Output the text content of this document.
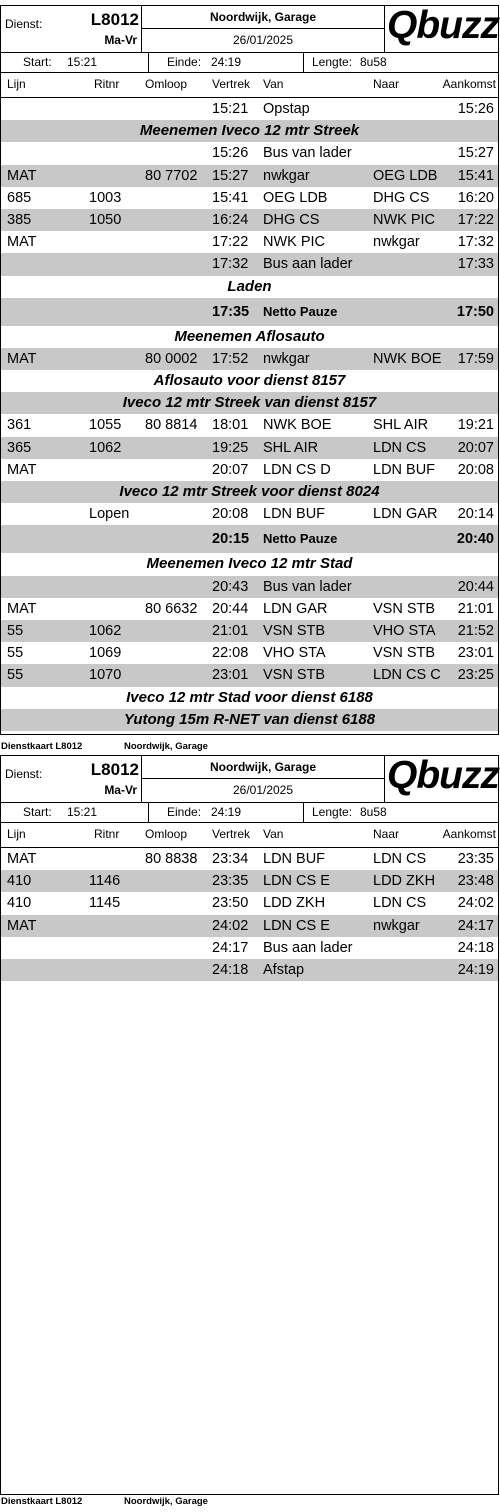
Dienst:	L8012
Ma-Vr
Noordwijk, Garage
26/01/2025	Qbuzz
Start: 15:21	Einde: 24:19	Lengte: 8u58
Lijn	Ritnr Omloop Vertrek Van	Naar	Aankomst
15:21 Opstap	15:26
Meenemen Iveco 12 mtr Streek
15:26 Bus van lader	15:27
MAT	80 7702 15:27 nwkgar	OEG LDB 15:41
685	1003	15:41 OEG LDB	DHG CS 16:20
385	1050	16:24 DHG CS	NWK PIC 17:22
MAT	17:22 NWK PIC	nwkgar	17:32
17:32 Bus aan lader	17:33
Laden
17:35 Netto Pauze	17:50
Meenemen Aflosauto
MAT	80 0002 17:52 nwkgar	NWK BOE 17:59
Aflosauto voor dienst 8157
Iveco 12 mtr Streek van dienst 8157
361	1055 80 8814 18:01 NWK BOE	SHL AIR 19:21
365	1062	19:25 SHL AIR	LDN CS 20:07
MAT	20:07 LDN CS D	LDN BUF 20:08
Iveco 12 mtr Streek voor dienst 8024
Lopen	20:08 LDN BUF	LDN GAR 20:14
20:15 Netto Pauze	20:40
Meenemen Iveco 12 mtr Stad
20:43 Bus van lader	20:44
MAT	80 6632 20:44 LDN GAR	VSN STB 21:01
55	1062	21:01 VSN STB	VHO STA 21:52
55	1069	22:08 VHO STA	VSN STB 23:01
55	1070	23:01 VSN STB	LDN CS C 23:25
Iveco 12 mtr Stad voor dienst 6188
Yutong 15m R-NET van dienst 6188
Dienstkaart L8012	Noordwijk, Garage
Dienst:	L8012
Ma-Vr
Noordwijk, Garage
26/01/2025	Qbuzz
Start: 15:21	Einde: 24:19	Lengte: 8u58
Lijn	Ritnr Omloop Vertrek Van	Naar	Aankomst
MAT	80 8838 23:34 LDN BUF	LDN CS 23:35
410	1146	23:35 LDN CS E	LDD ZKH 23:48
410	1145	23:50 LDD ZKH	LDN CS 24:02
MAT	24:02 LDN CS E	nwkgar	24:17
24:17 Bus aan lader	24:18
24:18 Afstap	24:19
Dienstkaart L8012	Noordwijk, Garage
